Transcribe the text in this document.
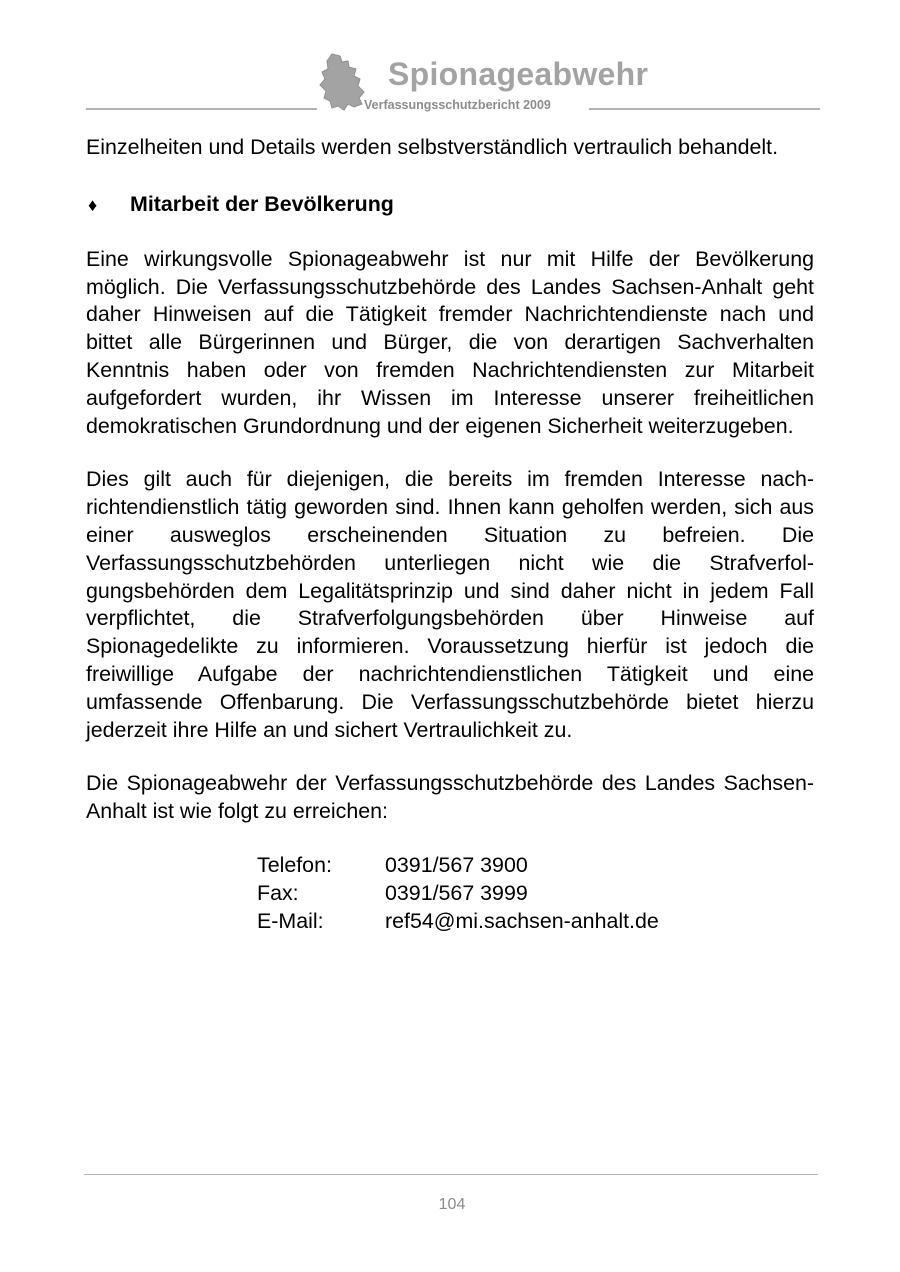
Spionageabwehr
Verfassungsschutzbericht 2009

Einzelheiten und Details werden selbstverständlich vertraulich behandelt.

♦	Mitarbeit der Bevölkerung

Eine wirkungsvolle Spionageabwehr ist nur mit Hilfe der Bevölkerung möglich. Die Verfassungsschutzbehörde des Landes Sachsen-Anhalt geht daher Hinweisen auf die Tätigkeit fremder Nachrichtendienste nach und bittet alle Bürgerinnen und Bürger, die von derartigen Sachverhalten Kenntnis haben oder von fremden Nachrichtendiensten zur Mitarbeit aufgefordert wurden, ihr Wissen im Interesse unserer freiheitlichen demokratischen Grundordnung und der eigenen Sicherheit weiterzugeben.

Dies gilt auch für diejenigen, die bereits im fremden Interesse nachrichtendienstlich tätig geworden sind. Ihnen kann geholfen werden, sich aus einer ausweglos erscheinenden Situation zu befreien. Die Verfassungsschutzbehörden unterliegen nicht wie die Strafverfolgungsbehörden dem Legalitätsprinzip und sind daher nicht in jedem Fall verpflichtet, die Strafverfolgungsbehörden über Hinweise auf Spionagedelikte zu informieren. Voraussetzung hierfür ist jedoch die freiwillige Aufgabe der nachrichtendienstlichen Tätigkeit und eine umfassende Offenbarung. Die Verfassungsschutzbehörde bietet hierzu jederzeit ihre Hilfe an und sichert Vertraulichkeit zu.

Die Spionageabwehr der Verfassungsschutzbehörde des Landes Sachsen-Anhalt ist wie folgt zu erreichen:

Telefon:	0391/567 3900
Fax:	0391/567 3999
E-Mail:	ref54@mi.sachsen-anhalt.de
104
